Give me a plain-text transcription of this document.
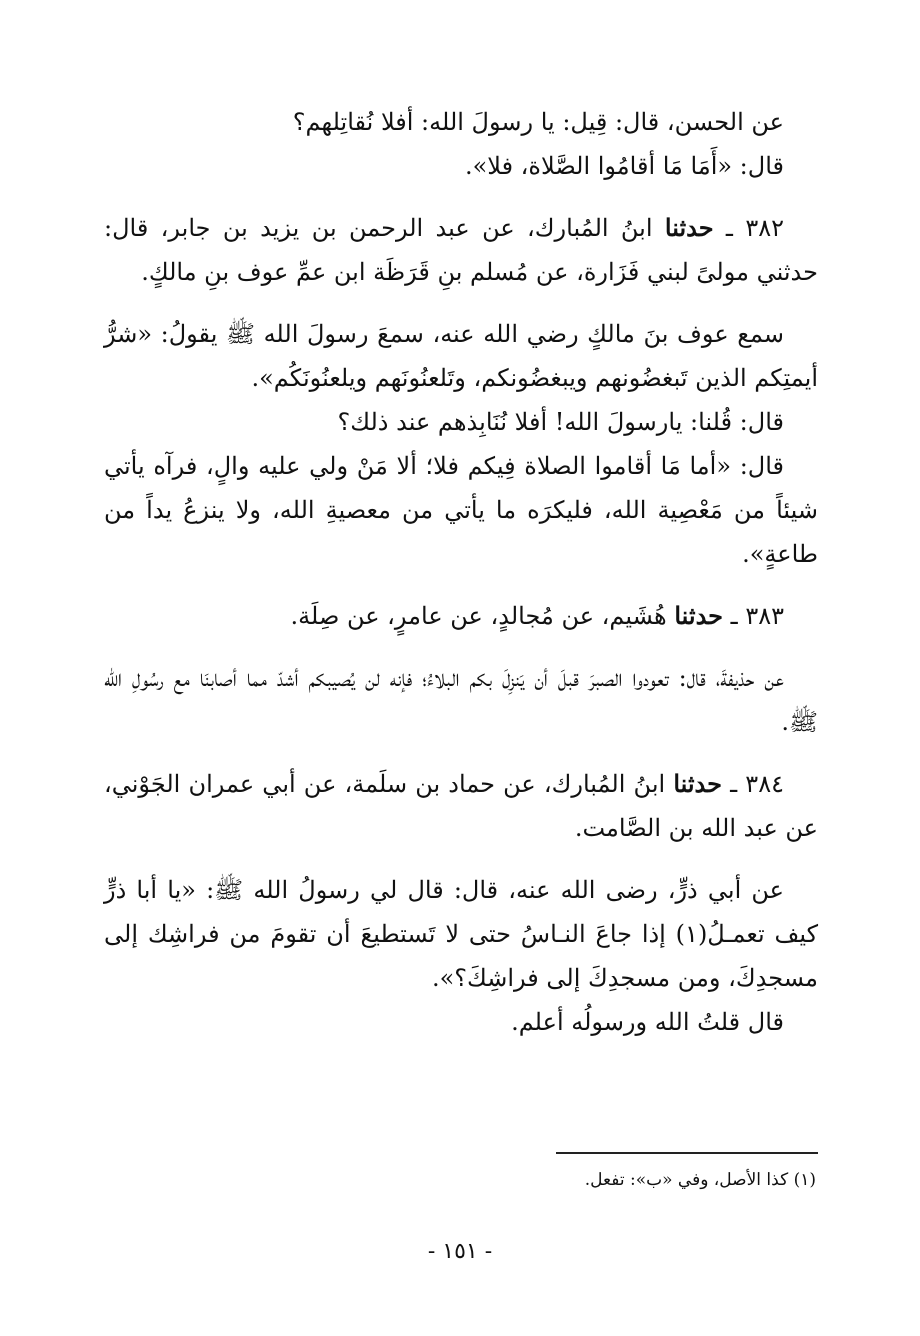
عن الحسن، قال: قِيل: يا رسولَ الله: أفلا نُقاتِلهم؟

قال: «أَمَا مَا أقامُوا الصَّلاة، فلا».

٣٨٢ ـ حدثنا ابنُ المُبارك، عن عبد الرحمن بن يزيد بن جابر، قال: حدثني مولىً لبني فَزَارة، عن مُسلم بنِ قَرَظَة ابن عمِّ عوف بنِ مالكٍ.

سمع عوف بنَ مالكٍ رضي الله عنه، سمعَ رسولَ الله ﷺ يقولُ: «شرُّ أيمتِكم الذين تَبغضُونهم ويبغضُونكم، وتَلعنُونَهم ويلعنُونَكُم».

قال: قُلنا: يارسولَ الله! أفلا نُنَابِذهم عند ذلك؟

قال: «أما مَا أقاموا الصلاة فِيكم فلا؛ ألا مَنْ ولي عليه والٍ، فرآه يأتي شيئاً من مَعْصِية الله، فليكرَه ما يأتي من معصيةِ الله، ولا ينزعُ يداً من طاعةٍ».

٣٨٣ ـ حدثنا هُشَيم، عن مُجالدٍ، عن عامرٍ، عن صِلَة.

عن حذيفةَ، قال: تعودوا الصبرَ قبلَ أن يَنزِلَ بكم البلاءُ؛ فإنه لن يُصيبكم أشدّ مما أصابنَا مع رسُولِ الله ﷺ.

٣٨٤ ـ حدثنا ابنُ المُبارك، عن حماد بن سلَمة، عن أبي عمران الجَوْني، عن عبد الله بن الصَّامت.

عن أبي ذرٍّ، رضى الله عنه، قال: قال لي رسولُ الله ﷺ: «يا أبا ذرٍّ كيف تعمـلُ(١) إذا جاعَ النـاسُ حتى لا تَستطيعَ أن تقومَ من فراشِك إلى مسجدِكَ، ومن مسجدِكَ إلى فراشِكَ؟».

قال قلتُ الله ورسولُه أعلم.

(١) كذا الأصل، وفي «ب»: تفعل.
- ١٥١ -
